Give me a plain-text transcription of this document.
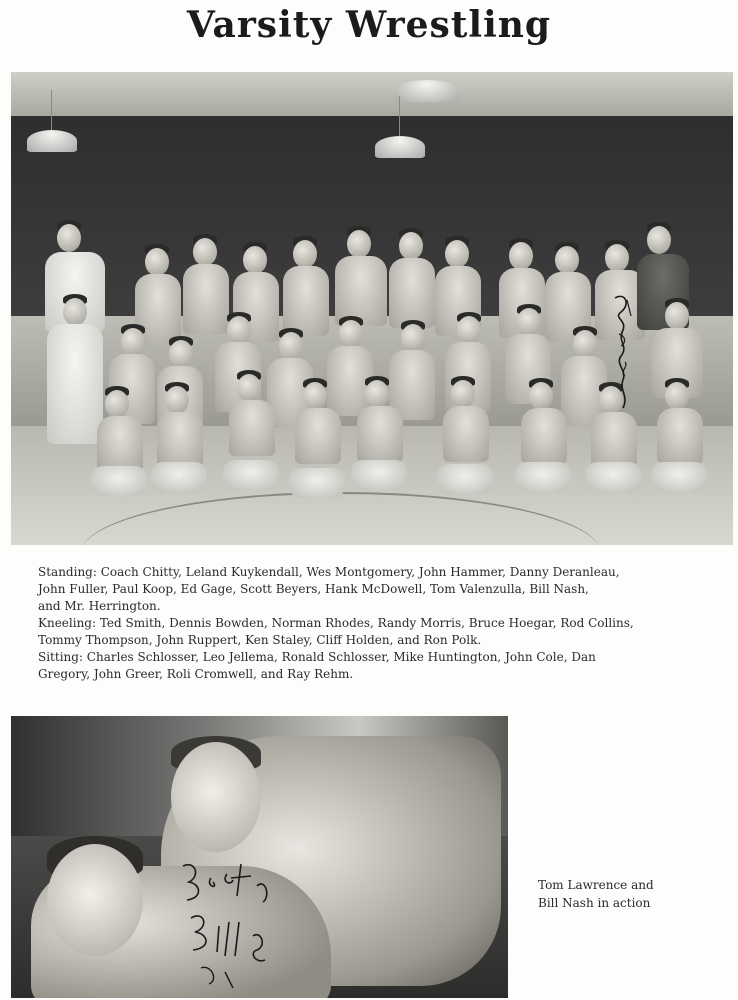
Varsity Wrestling

Standing: Coach Chitty, Leland Kuykendall, Wes Montgomery, John Hammer, Danny Deranleau,

John Fuller, Paul Koop, Ed Gage, Scott Beyers, Hank McDowell, Tom Valenzulla, Bill Nash,

and Mr. Herrington.

Kneeling: Ted Smith, Dennis Bowden, Norman Rhodes, Randy Morris, Bruce Hoegar, Rod Collins,

Tommy Thompson, John Ruppert, Ken Staley, Cliff Holden, and Ron Polk.

Sitting: Charles Schlosser, Leo Jellema, Ronald Schlosser, Mike Huntington, John Cole, Dan

Gregory, John Greer, Roli Cromwell, and Ray Rehm.

Tom Lawrence and

Bill Nash in action
